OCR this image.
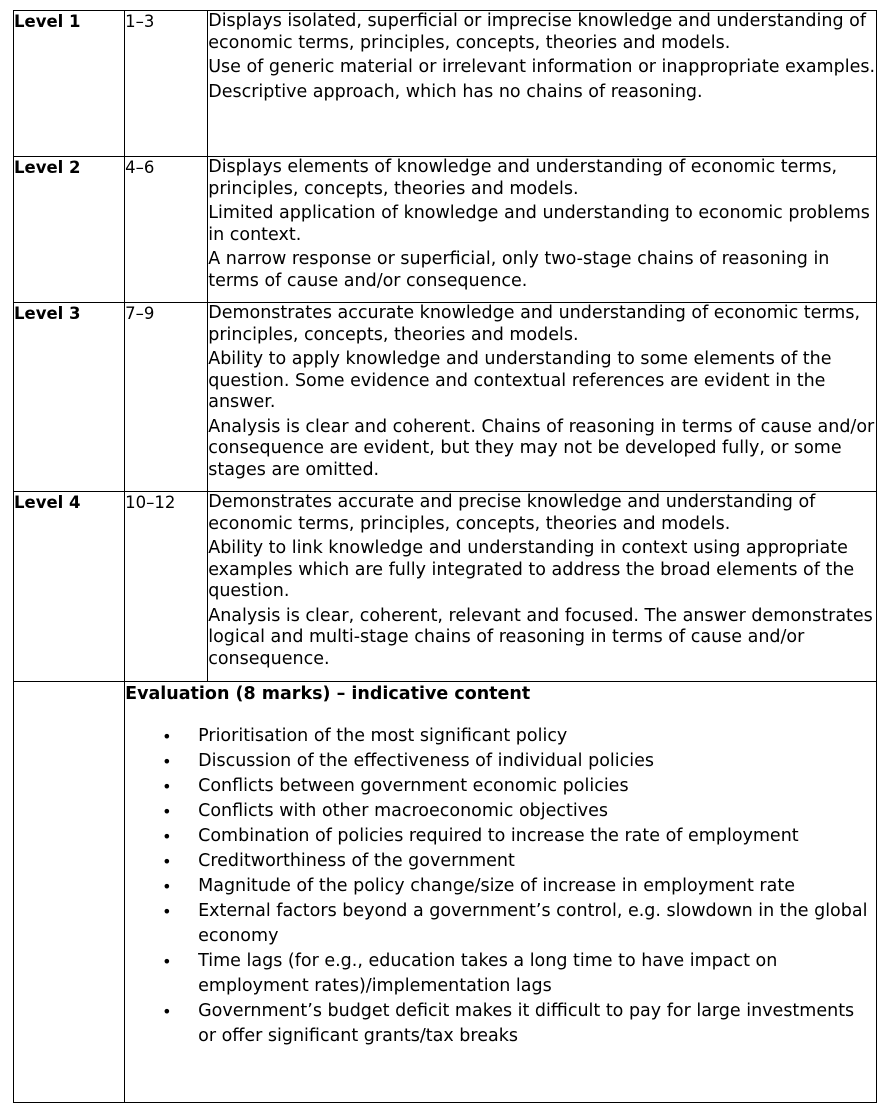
Level 1	1–3	Displays isolated, superficial or imprecise knowledge and understanding of economic terms, principles, concepts, theories and models.

Use of generic material or irrelevant information or inappropriate examples.

Descriptive approach, which has no chains of reasoning.

Level 2	4–6	Displays elements of knowledge and understanding of economic terms, principles, concepts, theories and models.

Limited application of knowledge and understanding to economic problems in context.

A narrow response or superficial, only two-stage chains of reasoning in terms of cause and/or consequence.

Level 3	7–9	Demonstrates accurate knowledge and understanding of economic terms, principles, concepts, theories and models.

Ability to apply knowledge and understanding to some elements of the question. Some evidence and contextual references are evident in the answer.

Analysis is clear and coherent. Chains of reasoning in terms of cause and/or consequence are evident, but they may not be developed fully, or some stages are omitted.

Level 4	10–12	Demonstrates accurate and precise knowledge and understanding of economic terms, principles, concepts, theories and models.

Ability to link knowledge and understanding in context using appropriate examples which are fully integrated to address the broad elements of the question.

Analysis is clear, coherent, relevant and focused. The answer demonstrates logical and multi-stage chains of reasoning in terms of cause and/or consequence.

Evaluation (8 marks) – indicative content
• Prioritisation of the most significant policy
• Discussion of the effectiveness of individual policies
• Conflicts between government economic policies
• Conflicts with other macroeconomic objectives
• Combination of policies required to increase the rate of employment
• Creditworthiness of the government
• Magnitude of the policy change/size of increase in employment rate
• External factors beyond a government’s control, e.g. slowdown in the global economy
• Time lags (for e.g., education takes a long time to have impact on employment rates)/implementation lags
• Government’s budget deficit makes it difficult to pay for large investments or offer significant grants/tax breaks
